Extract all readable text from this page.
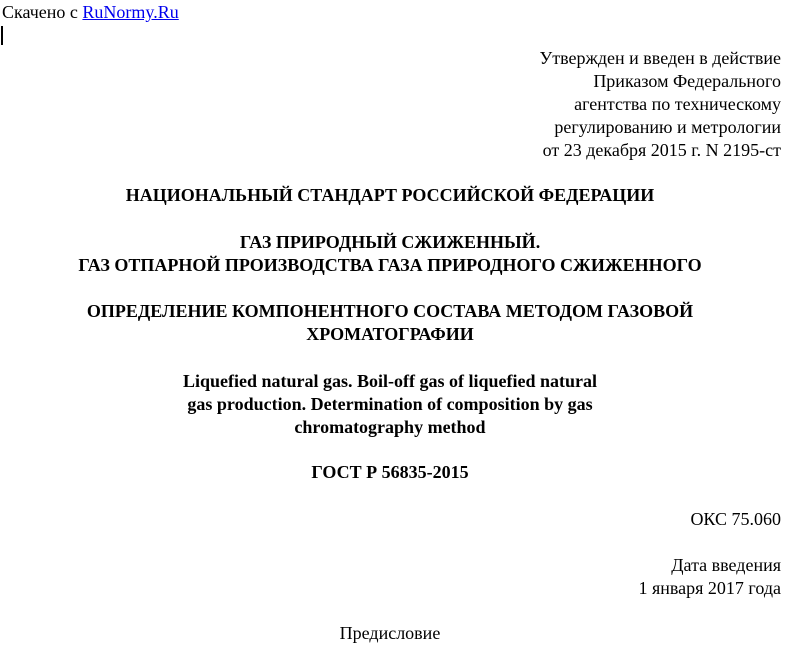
Скачено с RuNormy.Ru
Утвержден и введен в действие
Приказом Федерального
агентства по техническому
регулированию и метрологии
от 23 декабря 2015 г. N 2195-ст
НАЦИОНАЛЬНЫЙ СТАНДАРТ РОССИЙСКОЙ ФЕДЕРАЦИИ
ГАЗ ПРИРОДНЫЙ СЖИЖЕННЫЙ.
ГАЗ ОТПАРНОЙ ПРОИЗВОДСТВА ГАЗА ПРИРОДНОГО СЖИЖЕННОГО
ОПРЕДЕЛЕНИЕ КОМПОНЕНТНОГО СОСТАВА МЕТОДОМ ГАЗОВОЙ
ХРОМАТОГРАФИИ
Liquefied natural gas. Boil-off gas of liquefied natural
gas production. Determination of composition by gas
chromatography method
ГОСТ Р 56835-2015
ОКС 75.060
Дата введения
1 января 2017 года
Предисловие
